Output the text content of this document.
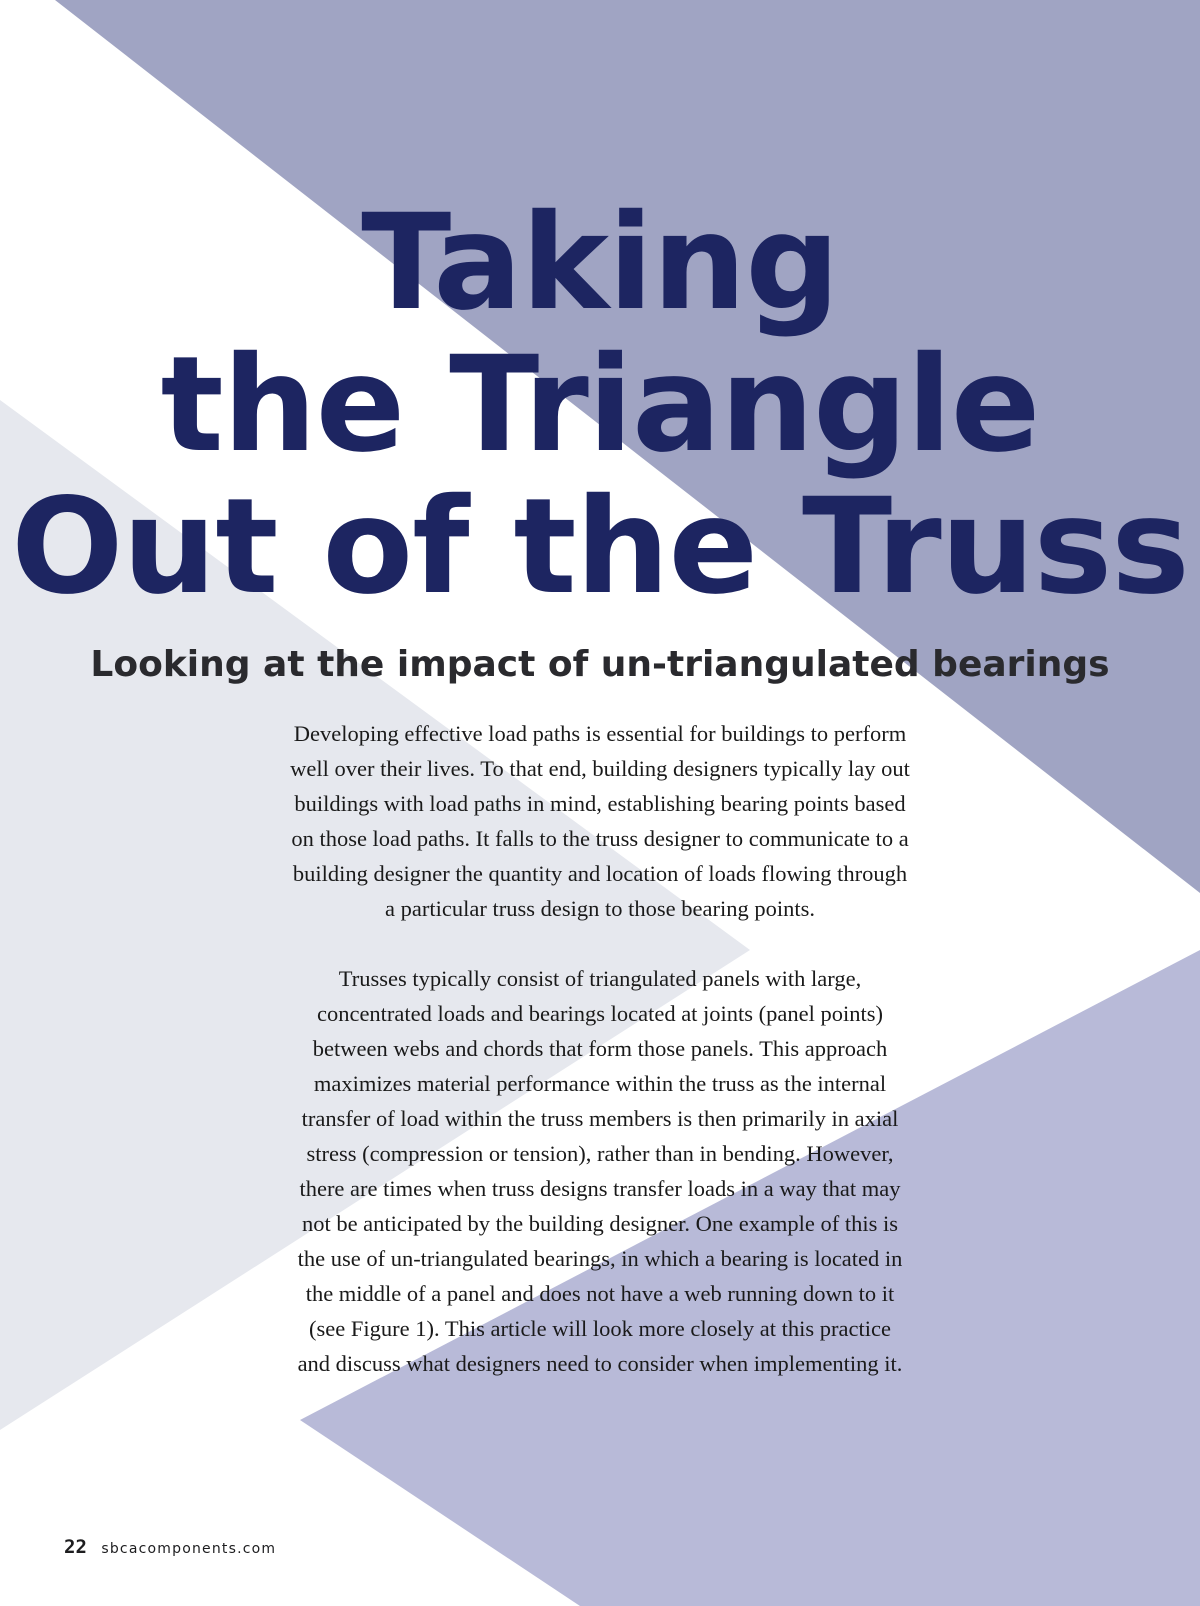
Taking
the Triangle
Out of the Truss
Looking at the impact of un-triangulated bearings

Developing effective load paths is essential for buildings to perform well over their lives. To that end, building designers typically lay out buildings with load paths in mind, establishing bearing points based on those load paths. It falls to the truss designer to communicate to a building designer the quantity and location of loads flowing through a particular truss design to those bearing points.

Trusses typically consist of triangulated panels with large, concentrated loads and bearings located at joints (panel points) between webs and chords that form those panels. This approach maximizes material performance within the truss as the internal transfer of load within the truss members is then primarily in axial stress (compression or tension), rather than in bending. However, there are times when truss designs transfer loads in a way that may not be anticipated by the building designer. One example of this is the use of un-triangulated bearings, in which a bearing is located in the middle of a panel and does not have a web running down to it (see Figure 1). This article will look more closely at this practice and discuss what designers need to consider when implementing it.

22 sbcacomponents.com
